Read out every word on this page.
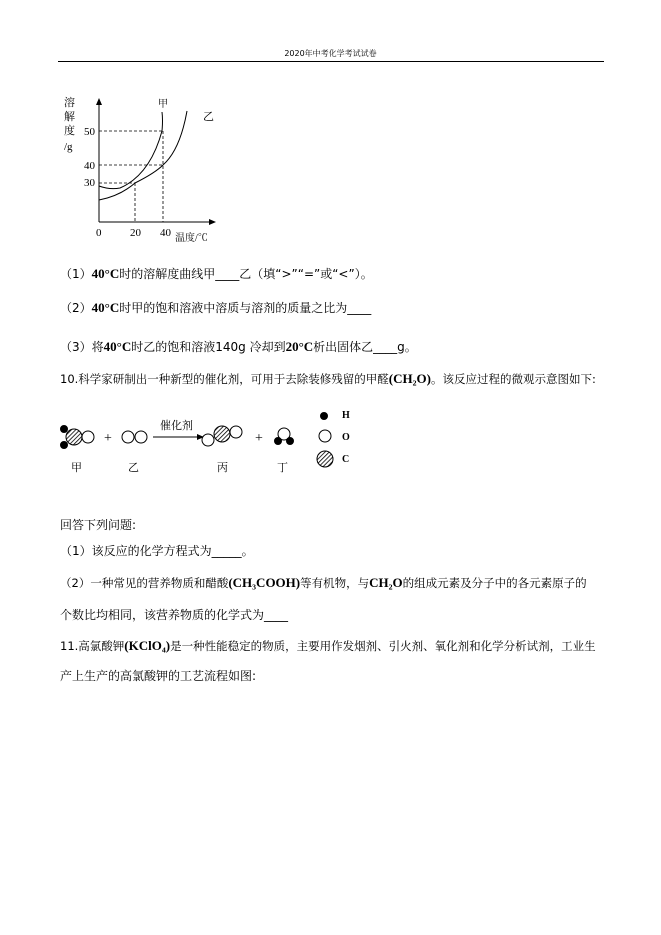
2020年中考化学考试试卷
溶
解
度
/g
50
40
30
0	20 40 温度/℃
甲
乙
（1）40°C时的溶解度曲线甲____乙（填“>”“=”或“<”）。
（2）40°C时甲的饱和溶液中溶质与溶剂的质量之比为____
（3）将40°C时乙的饱和溶液140g 冷却到20°C析出固体乙____g。
10.科学家研制出一种新型的催化剂，可用于去除装修残留的甲醛(CH₂O)。该反应过程的微观示意图如下:
+
催化剂
+
甲	乙	丙	丁
H
O
C
回答下列问题:
（1）该反应的化学方程式为_____。
（2）一种常见的营养物质和醋酸(CH₃COOH)等有机物，与CH₂O的组成元素及分子中的各元素原子的
个数比均相同，该营养物质的化学式为____
11.高氯酸钾(KClO₄)是一种性能稳定的物质，主要用作发烟剂、引火剂、氧化剂和化学分析试剂，工业生
产上生产的高氯酸钾的工艺流程如图:
